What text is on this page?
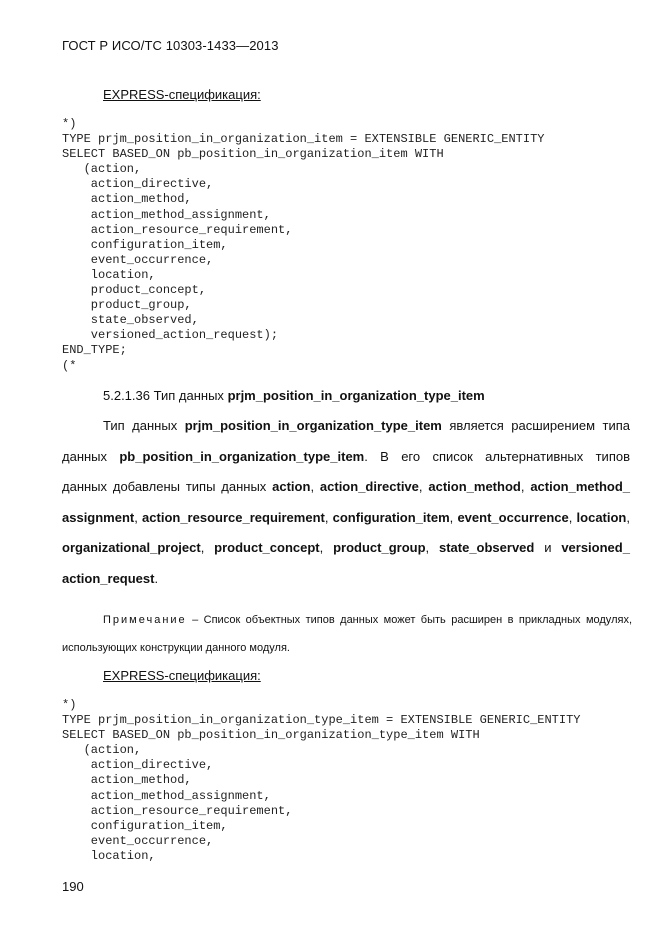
ГОСТ Р ИСО/ТС 10303-1433—2013
EXPRESS-спецификация:
*)
TYPE prjm_position_in_organization_item = EXTENSIBLE GENERIC_ENTITY
SELECT BASED_ON pb_position_in_organization_item WITH
(action,
action_directive,
action_method,
action_method_assignment,
action_resource_requirement,
configuration_item,
event_occurrence,
location,
product_concept,
product_group,
state_observed,
versioned_action_request);
END_TYPE;
(*
5.2.1.36 Тип данных prjm_position_in_organization_type_item
Тип данных prjm_position_in_organization_type_item является расширением типа
данных pb_position_in_organization_type_item. В его список альтернативных типов
данных добавлены типы данных action, action_directive, action_method, action_method_
assignment, action_resource_requirement, configuration_item, event_occurrence, location,
organizational_project, product_concept, product_group, state_observed и versioned_
action_request.
Примечание – Список объектных типов данных может быть расширен в прикладных модулях,
использующих конструкции данного модуля.
EXPRESS-спецификация:
*)
TYPE prjm_position_in_organization_type_item = EXTENSIBLE GENERIC_ENTITY
SELECT BASED_ON pb_position_in_organization_type_item WITH
(action,
action_directive,
action_method,
action_method_assignment,
action_resource_requirement,
configuration_item,
event_occurrence,
location,
190
